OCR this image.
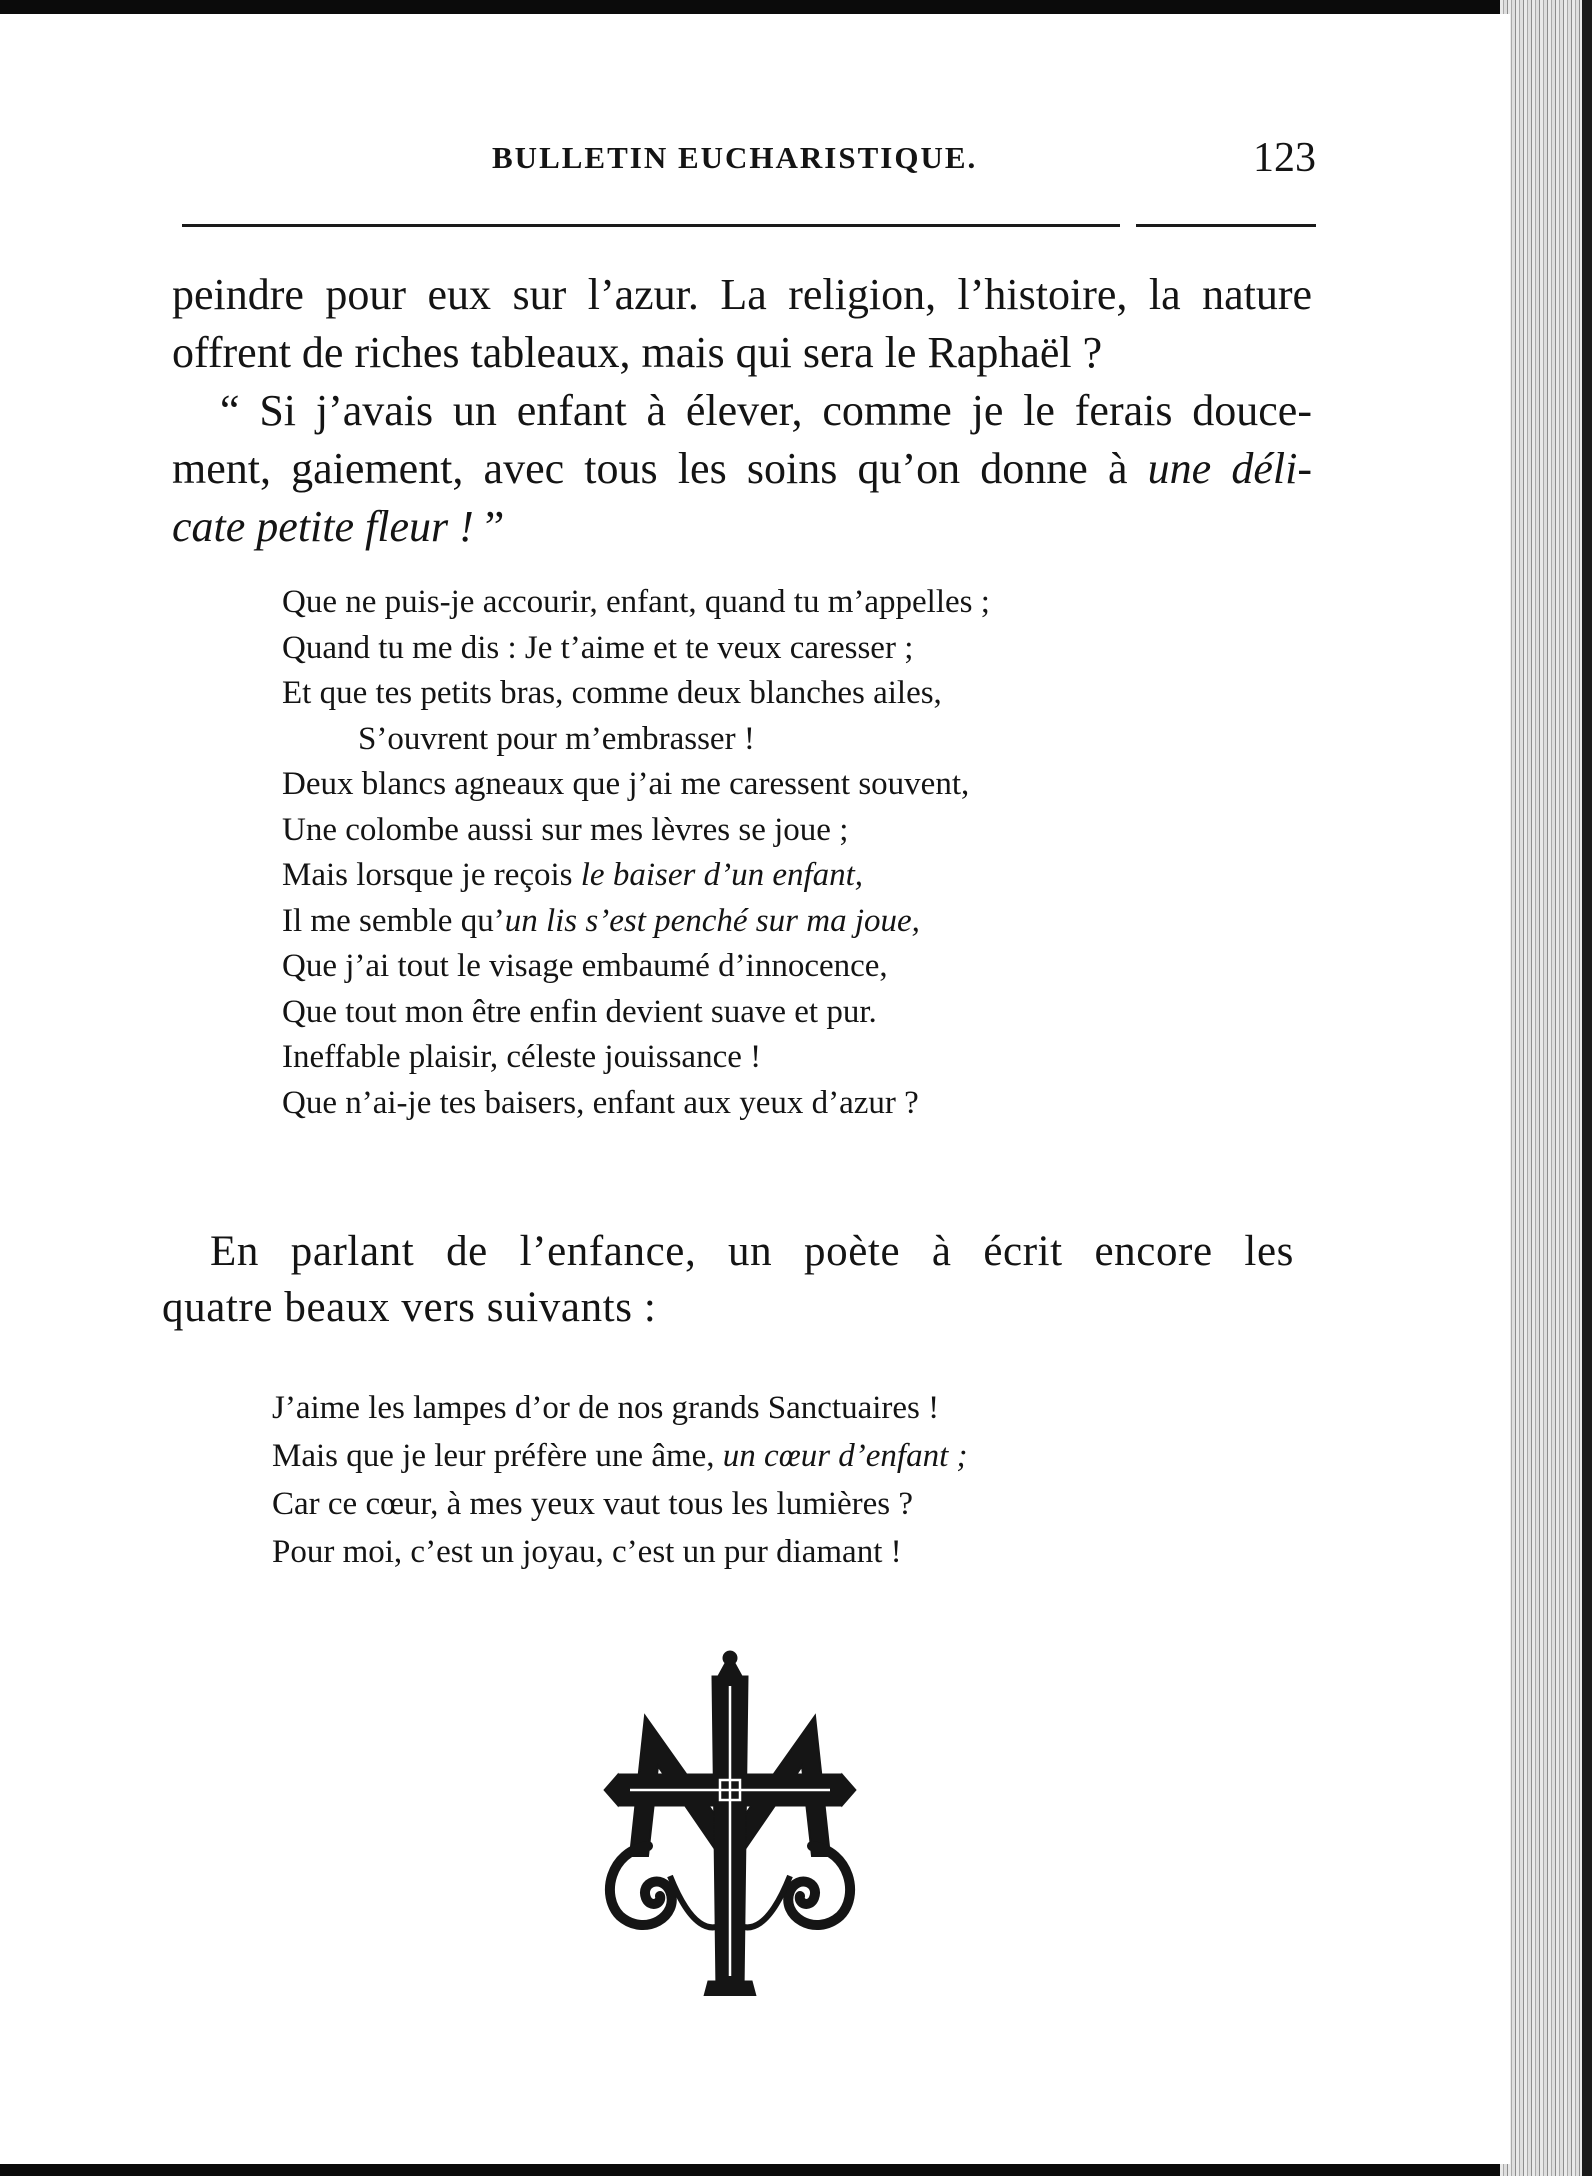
BULLETIN EUCHARISTIQUE.	123
peindre pour eux sur l’azur. La religion, l’histoire, la nature
offrent de riches tableaux, mais qui sera le Raphaël ?
“ Si j’avais un enfant à élever, comme je le ferais douce-
ment, gaiement, avec tous les soins qu’on donne à une déli-
cate petite fleur ! ”
Que ne puis-je accourir, enfant, quand tu m’appelles ;
Quand tu me dis : Je t’aime et te veux caresser ;
Et que tes petits bras, comme deux blanches ailes,
S’ouvrent pour m’embrasser !
Deux blancs agneaux que j’ai me caressent souvent,
Une colombe aussi sur mes lèvres se joue ;
Mais lorsque je reçois le baiser d’un enfant,
Il me semble qu’un lis s’est penché sur ma joue,
Que j’ai tout le visage embaumé d’innocence,
Que tout mon être enfin devient suave et pur.
Ineffable plaisir, céleste jouissance !
Que n’ai-je tes baisers, enfant aux yeux d’azur ?
En parlant de l’enfance, un poète à écrit encore les
quatre beaux vers suivants :
J’aime les lampes d’or de nos grands Sanctuaires !
Mais que je leur préfère une âme, un cœur d’enfant ;
Car ce cœur, à mes yeux vaut tous les lumières ?
Pour moi, c’est un joyau, c’est un pur diamant !
